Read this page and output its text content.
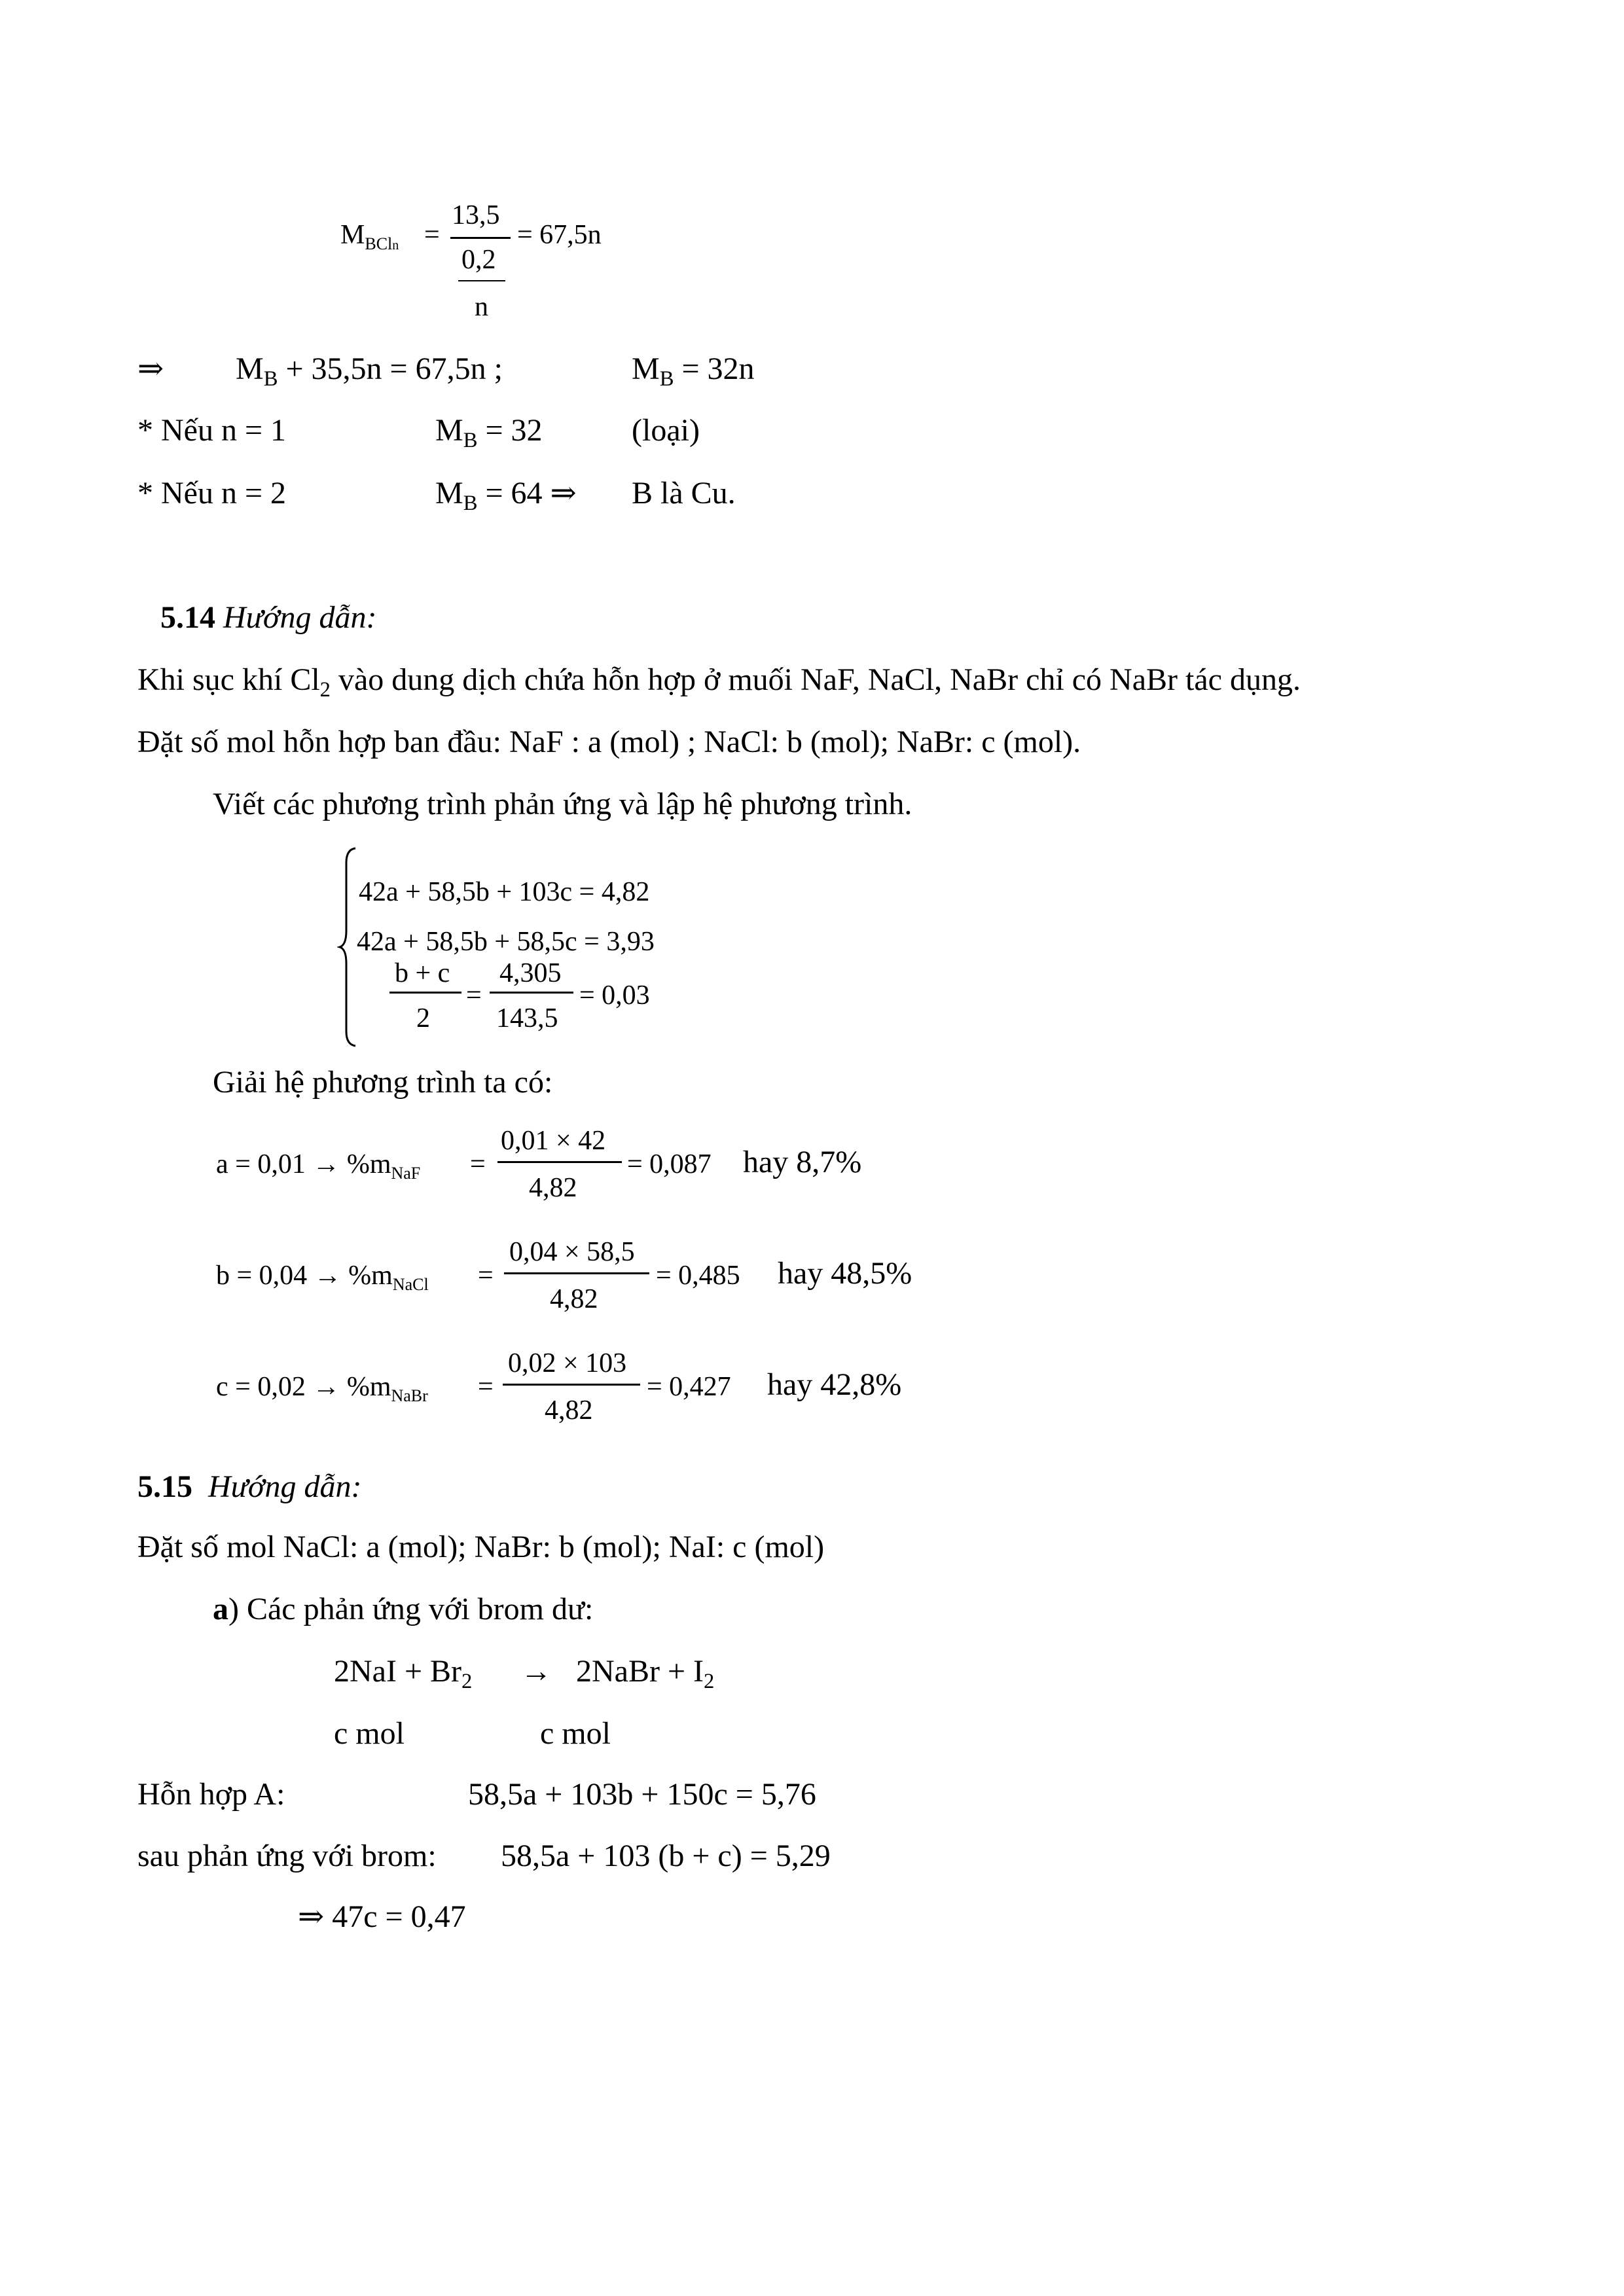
$M_{BCln}$ =
13,5
0,2
n
= 67,5n
⇒ $M_B + 35,5n = 67,5n$ ;	$M_B = 32n$
* Nếu n = 1	$M_B = 32$	(loại)
* Nếu n = 2	$M_B = 64$ ⇒ B là Cu.
5.14 Hướng dẫn:
Khi sục khí $Cl_2$ vào dung dịch chứa hỗn hợp ở muối NaF, NaCl, NaBr chỉ có NaBr tác dụng.
Đặt số mol hỗn hợp ban đầu: NaF : a (mol) ; NaCl: b (mol); NaBr: c (mol).
Viết các phương trình phản ứng và lập hệ phương trình.
42a + 58,5b + 103c = 4,82
42a + 58,5b + 58,5c = 3,93
b + c
2
=
4,305
143,5
= 0,03
Giải hệ phương trình ta có:
$a = 0,01 \to \%m_{NaF}$ =
0,01 × 42
4,82
= 0,087 hay 8,7%
$b = 0,04 \to \%m_{NaCl}$ =
0,04 × 58,5
4,82
= 0,485 hay 48,5%
$c = 0,02 \to \%m_{NaBr}$ =
0,02 × 103
4,82
= 0,427 hay 42,8%
5.15 Hướng dẫn:
Đặt số mol NaCl: a (mol); NaBr: b (mol); NaI: c (mol)
a) Các phản ứng với brom dư:
$2NaI + Br_2$ → 2NaBr + $I_2$
c mol	c mol
Hỗn hợp A:	58,5a + 103b + 150c = 5,76
sau phản ứng với brom: 58,5a + 103 (b + c) = 5,29
⇒ 47c = 0,47
